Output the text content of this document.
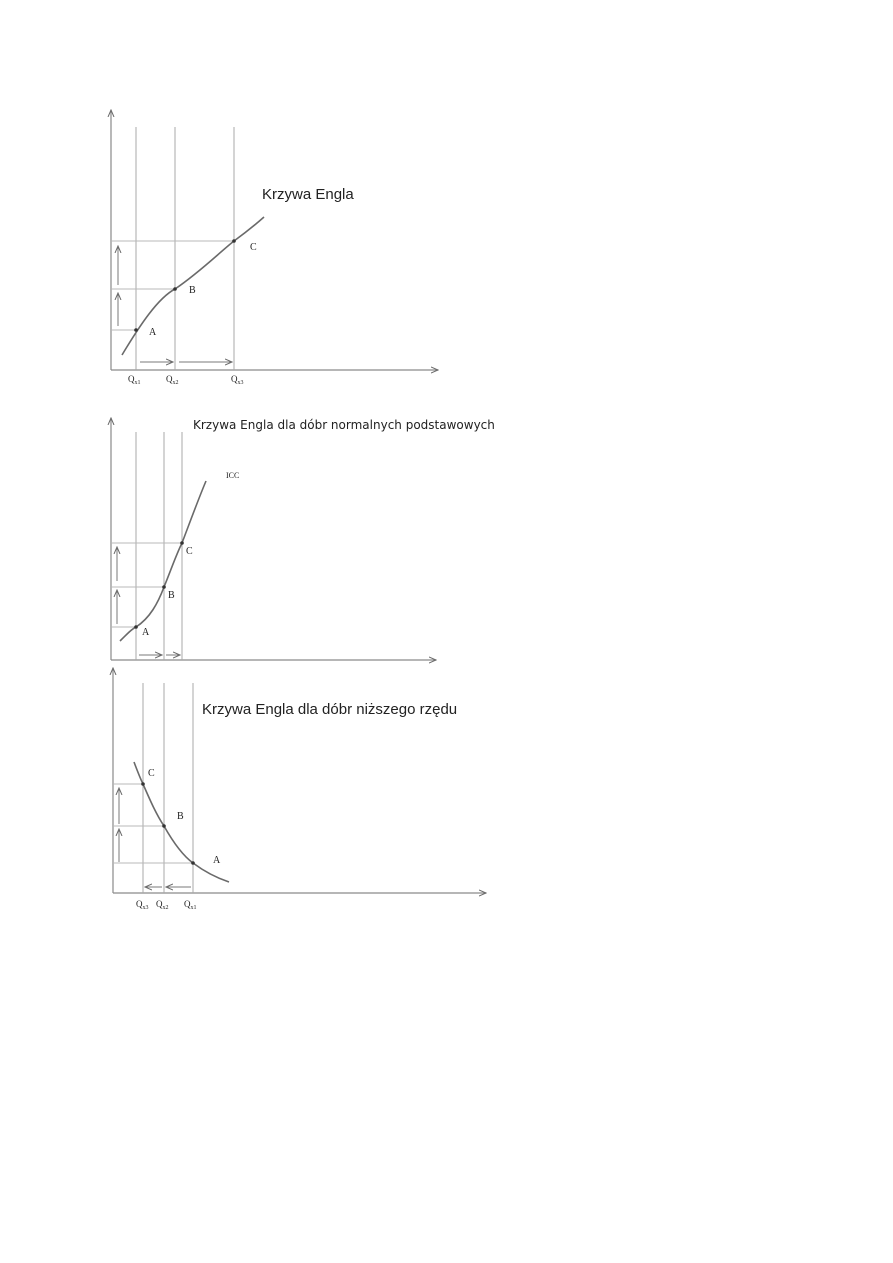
A
B
C
Krzywa Engla
$Q_{x1}$	$Q_{x2}$	$Q_{x3}$
A
B
C
ICC
Krzywa Engla dla dóbr normalnych podstawowych
C
B
A
Krzywa Engla dla dóbr niższego rzędu
$Q_{x3}$ $Q_{x2}$ $Q_{x1}$
